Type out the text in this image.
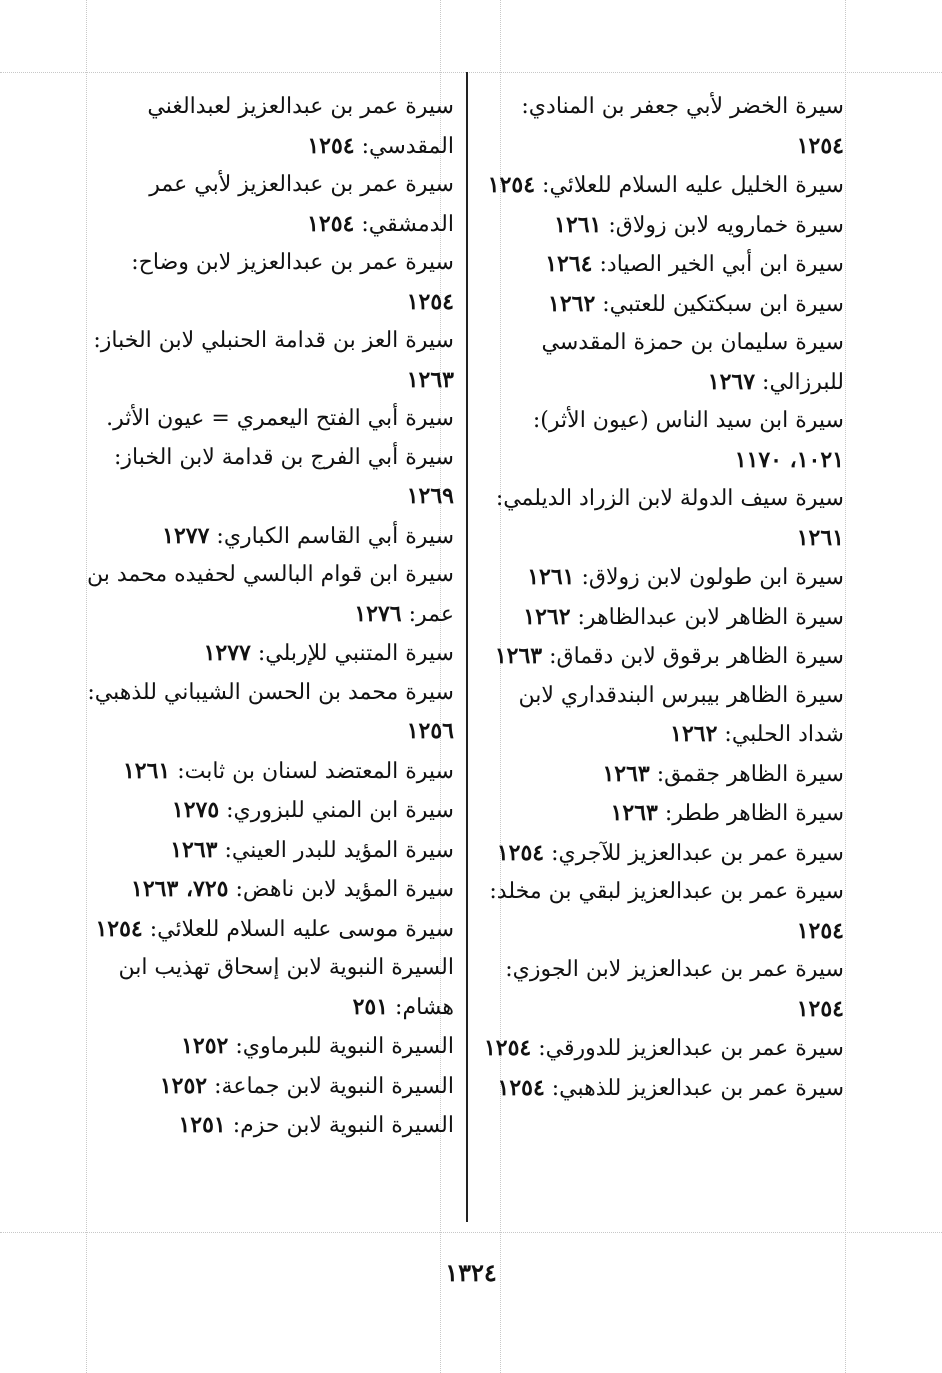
سيرة الخضر لأبي جعفر بن المنادي: ١٢٥٤
سيرة الخليل عليه السلام للعلائي: ١٢٥٤
سيرة خمارويه لابن زولاق: ١٢٦١
سيرة ابن أبي الخير الصياد: ١٢٦٤
سيرة ابن سبكتكين للعتبي: ١٢٦٢
سيرة سليمان بن حمزة المقدسي للبرزالي: ١٢٦٧
سيرة ابن سيد الناس (عيون الأثر): ١٠٢١، ١١٧٠
سيرة سيف الدولة لابن الزراد الديلمي: ١٢٦١
سيرة ابن طولون لابن زولاق: ١٢٦١
سيرة الظاهر لابن عبدالظاهر: ١٢٦٢
سيرة الظاهر برقوق لابن دقماق: ١٢٦٣
سيرة الظاهر بيبرس البندقداري لابن شداد الحلبي: ١٢٦٢
سيرة الظاهر جقمق: ١٢٦٣
سيرة الظاهر ططر: ١٢٦٣
سيرة عمر بن عبدالعزيز للآجري: ١٢٥٤
سيرة عمر بن عبدالعزيز لبقي بن مخلد: ١٢٥٤
سيرة عمر بن عبدالعزيز لابن الجوزي: ١٢٥٤
سيرة عمر بن عبدالعزيز للدورقي: ١٢٥٤
سيرة عمر بن عبدالعزيز للذهبي: ١٢٥٤
سيرة عمر بن عبدالعزيز لعبدالغني المقدسي: ١٢٥٤
سيرة عمر بن عبدالعزيز لأبي عمر الدمشقي: ١٢٥٤
سيرة عمر بن عبدالعزيز لابن وضاح: ١٢٥٤
سيرة العز بن قدامة الحنبلي لابن الخباز: ١٢٦٣
سيرة أبي الفتح اليعمري = عيون الأثر.
سيرة أبي الفرج بن قدامة لابن الخباز: ١٢٦٩
سيرة أبي القاسم الكباري: ١٢٧٧
سيرة ابن قوام البالسي لحفيده محمد بن عمر: ١٢٧٦
سيرة المتنبي للإربلي: ١٢٧٧
سيرة محمد بن الحسن الشيباني للذهبي: ١٢٥٦
سيرة المعتضد لسنان بن ثابت: ١٢٦١
سيرة ابن المني للبزوري: ١٢٧٥
سيرة المؤيد للبدر العيني: ١٢٦٣
سيرة المؤيد لابن ناهض: ٧٢٥، ١٢٦٣
سيرة موسى عليه السلام للعلائي: ١٢٥٤
السيرة النبوية لابن إسحاق تهذيب ابن هشام: ٢٥١
السيرة النبوية للبرماوي: ١٢٥٢
السيرة النبوية لابن جماعة: ١٢٥٢
السيرة النبوية لابن حزم: ١٢٥١
١٣٢٤
